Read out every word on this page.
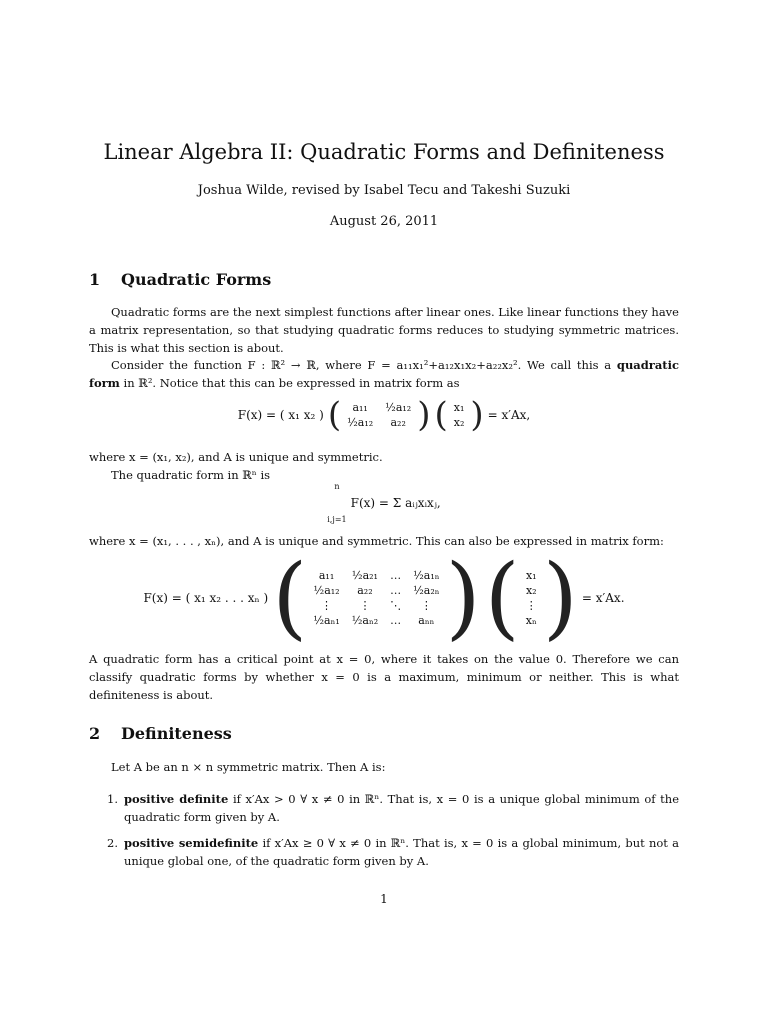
Linear Algebra II: Quadratic Forms and Definiteness
Joshua Wilde, revised by Isabel Tecu and Takeshi Suzuki
August 26, 2011
1 Quadratic Forms
Quadratic forms are the next simplest functions after linear ones. Like linear functions they have a matrix representation, so that studying quadratic forms reduces to studying symmetric matrices. This is what this section is about.
Consider the function F : ℝ² → ℝ, where F = a₁₁x₁²+a₁₂x₁x₂+a₂₂x₂². We call this a quadratic form in ℝ². Notice that this can be expressed in matrix form as
F(x) = ( x₁ x₂ ) ( a₁₁	½a₁₂
½a₁₂	a₂₂ ) ( x₁
x₂ ) = x′Ax,
where x = (x₁, x₂), and A is unique and symmetric.
The quadratic form in ℝⁿ is
n
i,j=1
F(x) = Σ aᵢⱼxᵢxⱼ,
where x = (x₁, . . . , xₙ), and A is unique and symmetric. This can also be expressed in matrix form:
F(x) = ( x₁ x₂ . . . xₙ ) ( a₁₁	½a₂₁	…	½a₁ₙ
½a₁₂	a₂₂	…	½a₂ₙ
⋮	⋮	⋱	⋮
½aₙ₁	½aₙ₂	…	aₙₙ ) ( x₁
x₂
⋮
xₙ ) = x′Ax.
A quadratic form has a critical point at x = 0, where it takes on the value 0. Therefore we can classify quadratic forms by whether x = 0 is a maximum, minimum or neither. This is what definiteness is about.
2 Definiteness
Let A be an n × n symmetric matrix. Then A is:
1. positive definite if x′Ax > 0 ∀ x ≠ 0 in ℝⁿ. That is, x = 0 is a unique global minimum of the quadratic form given by A.
2. positive semidefinite if x′Ax ≥ 0 ∀ x ≠ 0 in ℝⁿ. That is, x = 0 is a global minimum, but not a unique global one, of the quadratic form given by A.
1
